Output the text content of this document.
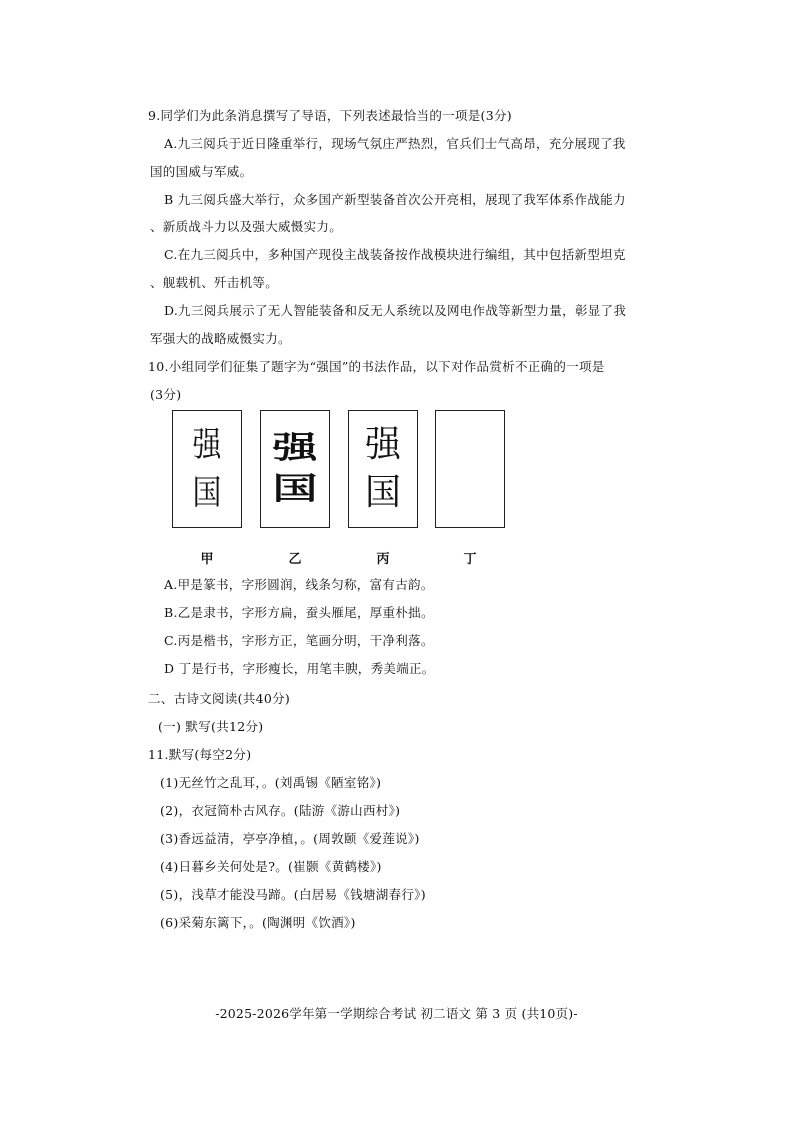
9.同学们为此条消息撰写了导语，下列表述最恰当的一项是(3分)
A.九三阅兵于近日隆重举行，现场气氛庄严热烈，官兵们士气高昂，充分展现了我
国的国威与军威。
B 九三阅兵盛大举行，众多国产新型装备首次公开亮相，展现了我军体系作战能力
、新质战斗力以及强大威慑实力。
C.在九三阅兵中，多种国产现役主战装备按作战模块进行编组，其中包括新型坦克
、舰载机、歼击机等。
D.九三阅兵展示了无人智能装备和反无人系统以及网电作战等新型力量，彰显了我
军强大的战略威慑实力。
10.小组同学们征集了题字为“强国”的书法作品，以下对作品赏析不正确的一项是
(3分)
强
国
强
国
强
国
甲	乙	丙	丁
A.甲是篆书，字形圆润，线条匀称，富有古韵。
B.乙是隶书，字形方扁，蚕头雁尾，厚重朴拙。
C.丙是楷书，字形方正，笔画分明，干净利落。
D 丁是行书，字形瘦长，用笔丰腴，秀美端正。
二、古诗文阅读(共40分)
(一) 默写(共12分)
11.默写(每空2分)
(1)无丝竹之乱耳，。(刘禹锡《陋室铭》)
(2)，衣冠简朴古风存。(陆游《游山西村》)
(3)香远益清，亭亭净植，。(周敦颐《爱莲说》)
(4)日暮乡关何处是?。(崔颢《黄鹤楼》)
(5)，浅草才能没马蹄。(白居易《钱塘湖春行》)
(6)采菊东篱下，。(陶渊明《饮酒》)
-2025-2026学年第一学期综合考试 初二语文 第 3 页 (共10页)-
